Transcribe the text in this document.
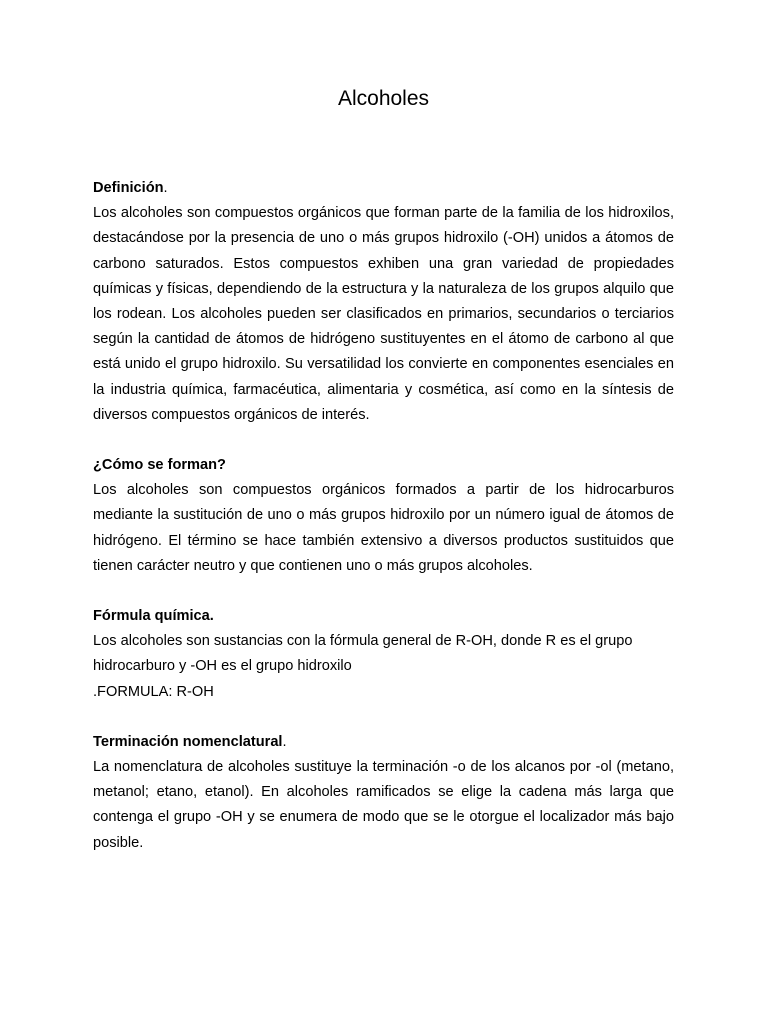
Alcoholes

Definición.

Los alcoholes son compuestos orgánicos que forman parte de la familia de los hidroxilos, destacándose por la presencia de uno o más grupos hidroxilo (-OH) unidos a átomos de carbono saturados. Estos compuestos exhiben una gran variedad de propiedades químicas y físicas, dependiendo de la estructura y la naturaleza de los grupos alquilo que los rodean. Los alcoholes pueden ser clasificados en primarios, secundarios o terciarios según la cantidad de átomos de hidrógeno sustituyentes en el átomo de carbono al que está unido el grupo hidroxilo. Su versatilidad los convierte en componentes esenciales en la industria química, farmacéutica, alimentaria y cosmética, así como en la síntesis de diversos compuestos orgánicos de interés.

¿Cómo se forman?

Los alcoholes son compuestos orgánicos formados a partir de los hidrocarburos mediante la sustitución de uno o más grupos hidroxilo por un número igual de átomos de hidrógeno. El término se hace también extensivo a diversos productos sustituidos que tienen carácter neutro y que contienen uno o más grupos alcoholes.

Fórmula química.

Los alcoholes son sustancias con la fórmula general de R-OH, donde R es el grupo hidrocarburo y -OH es el grupo hidroxilo

.FORMULA: R-OH

Terminación nomenclatural.

La nomenclatura de alcoholes sustituye la terminación -o de los alcanos por -ol (metano, metanol; etano, etanol). En alcoholes ramificados se elige la cadena más larga que contenga el grupo -OH y se enumera de modo que se le otorgue el localizador más bajo posible.
